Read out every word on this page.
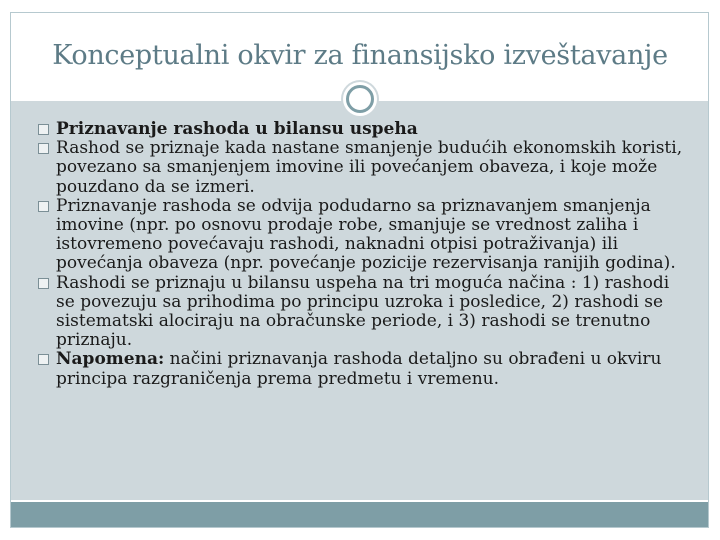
Konceptualni okvir za finansijsko izveštavanje
Priznavanje rashoda u bilansu uspeha
Rashod se priznaje kada nastane smanjenje budućih ekonomskih koristi, povezano sa smanjenjem imovine ili povećanjem obaveza, i koje može pouzdano da se izmeri.
Priznavanje rashoda se odvija podudarno sa priznavanjem smanjenja imovine (npr. po osnovu prodaje robe, smanjuje se vrednost zaliha i istovremeno povećavaju rashodi, naknadni otpisi potraživanja) ili povećanja obaveza (npr. povećanje pozicije rezervisanja ranijih godina).
Rashodi se priznaju u bilansu uspeha na tri moguća načina : 1) rashodi se povezuju sa prihodima po principu uzroka i posledice, 2) rashodi se sistematski alociraju na obračunske periode, i 3) rashodi se trenutno priznaju.
Napomena: načini priznavanja rashoda detaljno su obrađeni u okviru principa razgraničenja prema predmetu i vremenu.
